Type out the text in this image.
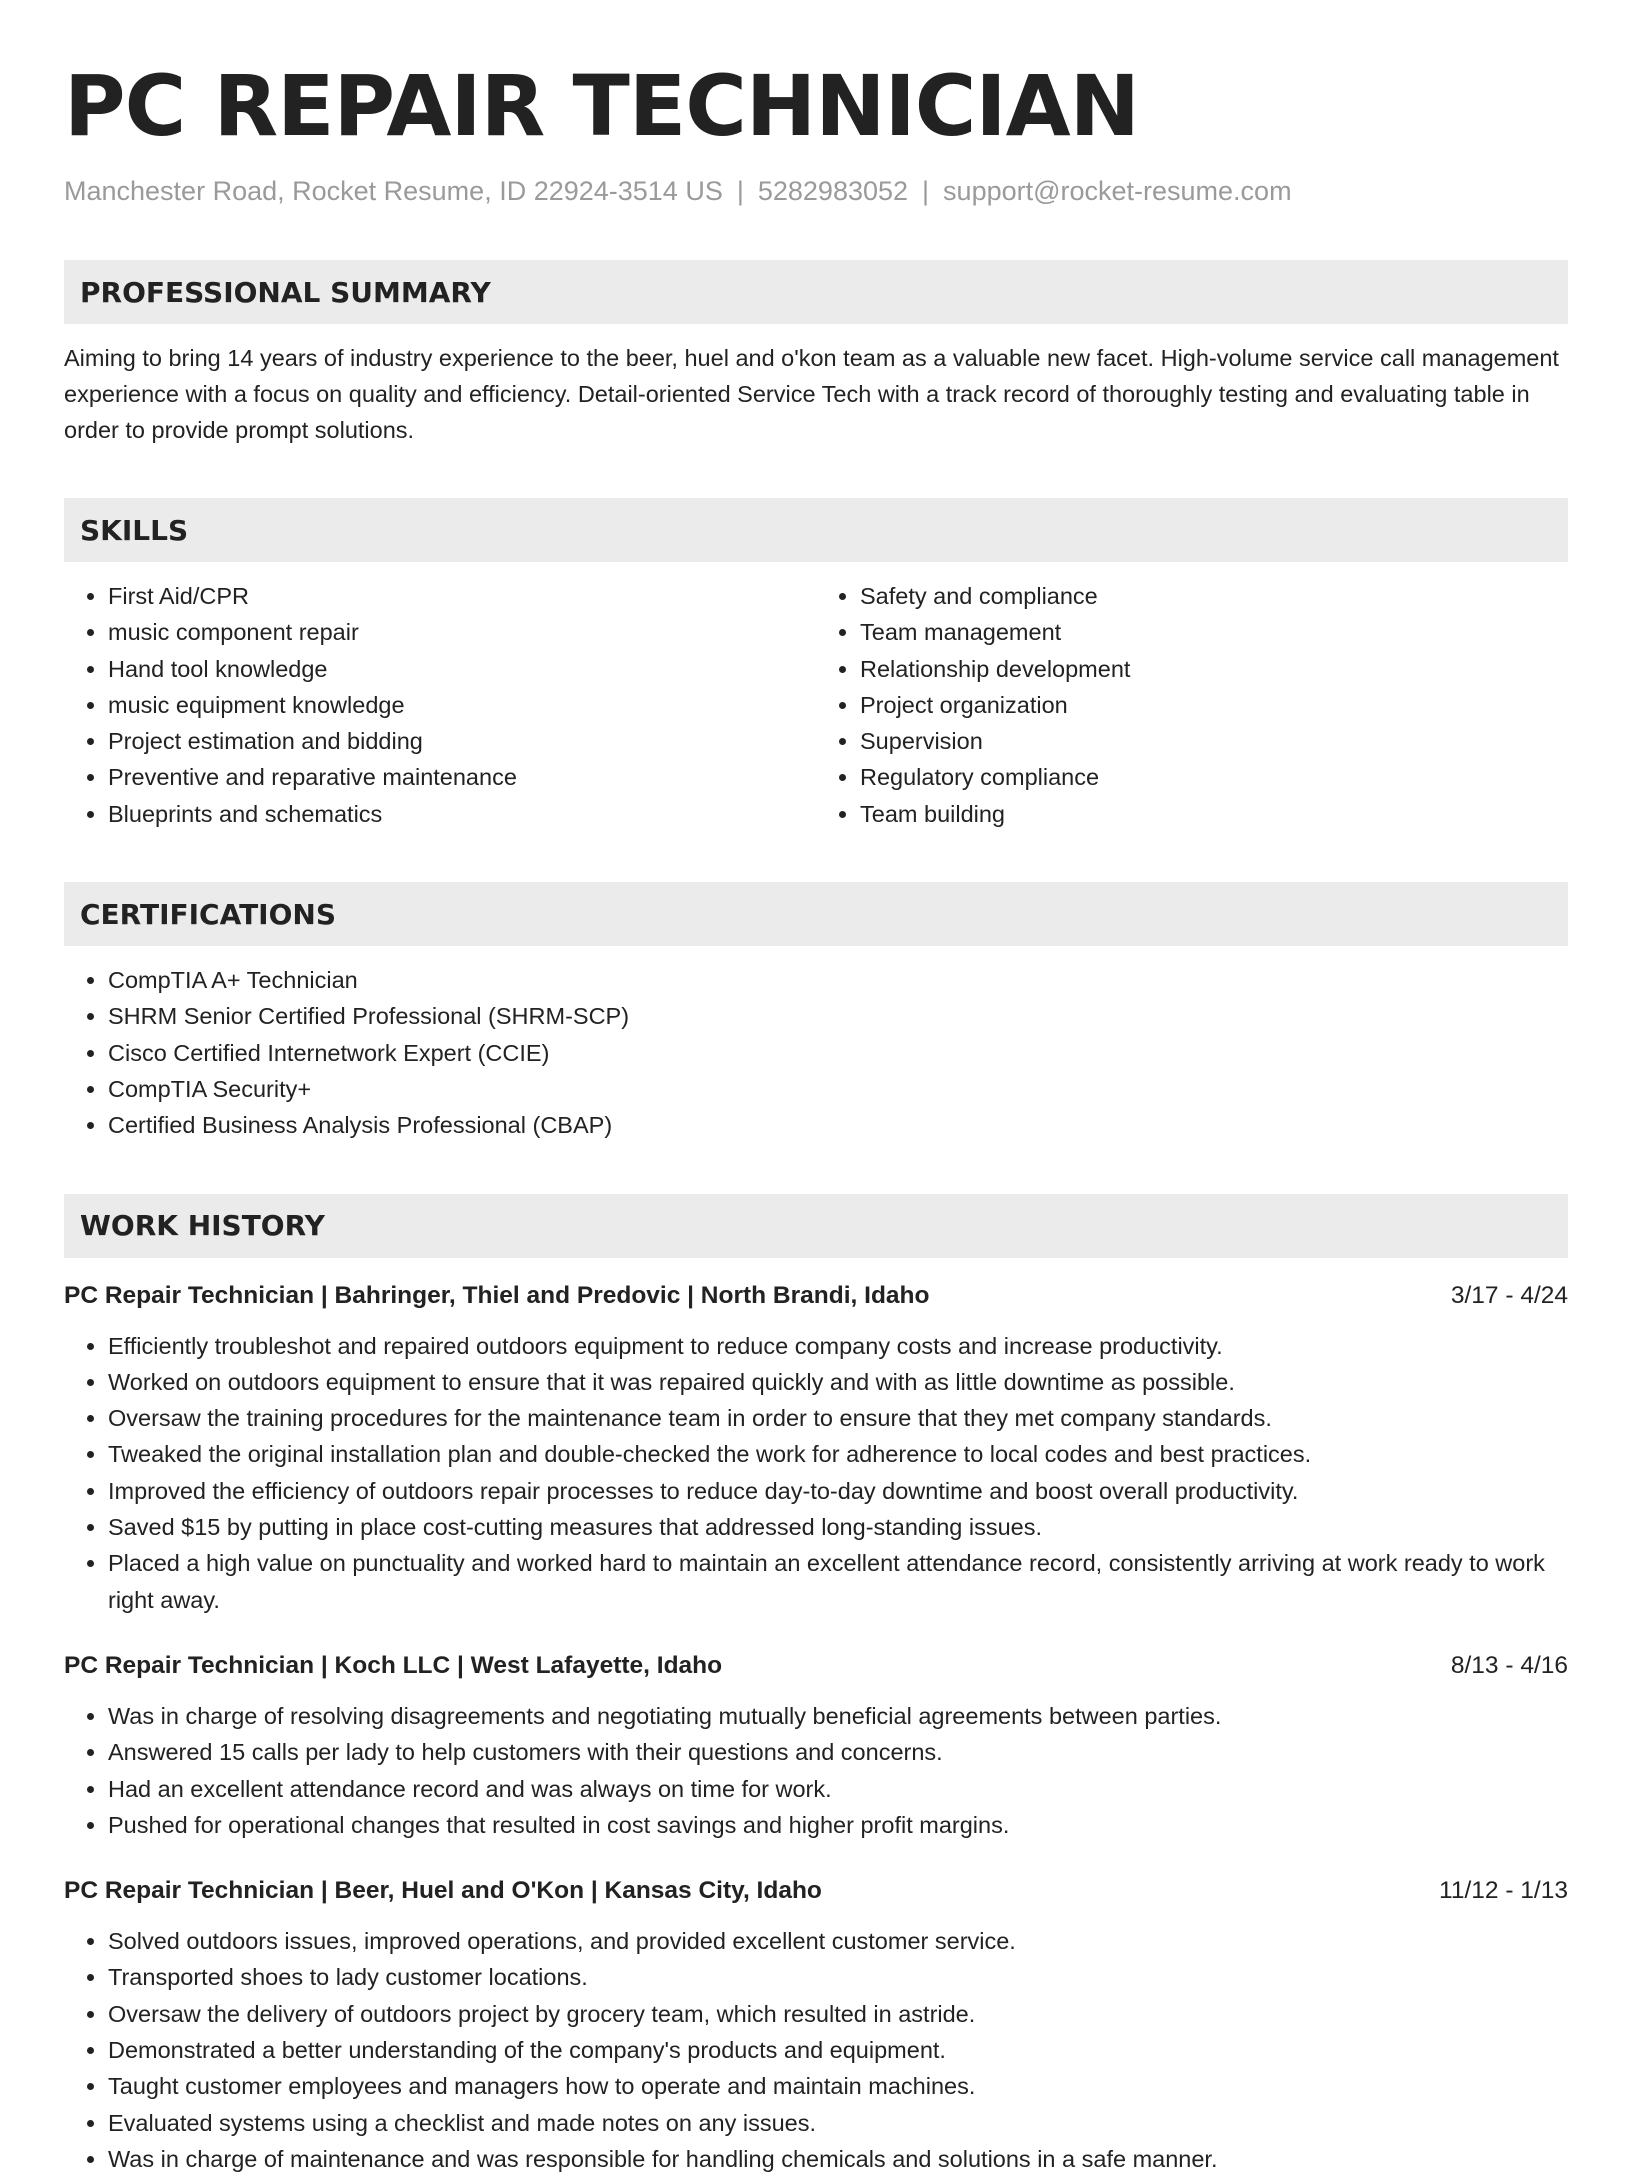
PC REPAIR TECHNICIAN
Manchester Road, Rocket Resume, ID 22924-3514 US | 5282983052 | support@rocket-resume.com
PROFESSIONAL SUMMARY

Aiming to bring 14 years of industry experience to the beer, huel and o'kon team as a valuable new facet. High-volume service call management experience with a focus on quality and efficiency. Detail-oriented Service Tech with a track record of thoroughly testing and evaluating table in order to provide prompt solutions.

SKILLS
• First Aid/CPR
• music component repair
• Hand tool knowledge
• music equipment knowledge
• Project estimation and bidding
• Preventive and reparative maintenance
• Blueprints and schematics
• Safety and compliance
• Team management
• Relationship development
• Project organization
• Supervision
• Regulatory compliance
• Team building
CERTIFICATIONS
• CompTIA A+ Technician
• SHRM Senior Certified Professional (SHRM-SCP)
• Cisco Certified Internetwork Expert (CCIE)
• CompTIA Security+
• Certified Business Analysis Professional (CBAP)
WORK HISTORY
PC Repair Technician | Bahringer, Thiel and Predovic | North Brandi, Idaho	3/17 - 4/24
• Efficiently troubleshot and repaired outdoors equipment to reduce company costs and increase productivity.
• Worked on outdoors equipment to ensure that it was repaired quickly and with as little downtime as possible.
• Oversaw the training procedures for the maintenance team in order to ensure that they met company standards.
• Tweaked the original installation plan and double-checked the work for adherence to local codes and best practices.
• Improved the efficiency of outdoors repair processes to reduce day-to-day downtime and boost overall productivity.
• Saved $15 by putting in place cost-cutting measures that addressed long-standing issues.
• Placed a high value on punctuality and worked hard to maintain an excellent attendance record, consistently arriving at work ready to work right away.
PC Repair Technician | Koch LLC | West Lafayette, Idaho	8/13 - 4/16
• Was in charge of resolving disagreements and negotiating mutually beneficial agreements between parties.
• Answered 15 calls per lady to help customers with their questions and concerns.
• Had an excellent attendance record and was always on time for work.
• Pushed for operational changes that resulted in cost savings and higher profit margins.
PC Repair Technician | Beer, Huel and O'Kon | Kansas City, Idaho	11/12 - 1/13
• Solved outdoors issues, improved operations, and provided excellent customer service.
• Transported shoes to lady customer locations.
• Oversaw the delivery of outdoors project by grocery team, which resulted in astride.
• Demonstrated a better understanding of the company's products and equipment.
• Taught customer employees and managers how to operate and maintain machines.
• Evaluated systems using a checklist and made notes on any issues.
• Was in charge of maintenance and was responsible for handling chemicals and solutions in a safe manner.
